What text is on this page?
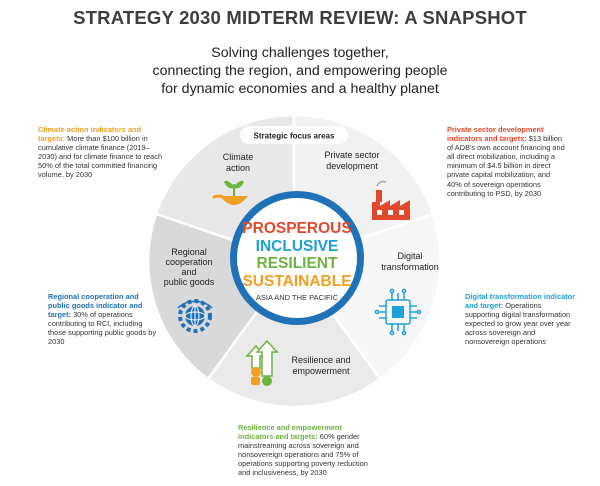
STRATEGY 2030 MIDTERM REVIEW: A SNAPSHOT
Solving challenges together,
connecting the region, and empowering people
for dynamic economies and a healthy planet
Strategic focus areas
Climate
action
Private sector
development
Digital
transformation
Resilience and
empowerment
Regional
cooperation
and
public goods
PROSPEROUS
INCLUSIVE
RESILIENT
SUSTAINABLE
ASIA AND THE PACIFIC
Climate action indicators and targets: More than $100 billion in cumulative climate finance (2019–2030) and for climate finance to reach 50% of the total committed financing volume, by 2030
Private sector development indicators and targets: $13 billion of ADB's own account financing and all direct mobilization, including a minimum of $4.5 billion in direct private capital mobilization, and 40% of sovereign operations contributing to PSD, by 2030
Regional cooperation and public goods indicator and target: 30% of operations contributing to RCI, including those supporting public goods by 2030
Digital transformation indicator and target: Operations supporting digital transformation expected to grow year over year across sovereign and nonsovereign operations
Resilience and empowerment indicators and targets: 60% gender mainstreaming across sovereign and nonsovereign operations and 75% of operations supporting poverty reduction and inclusiveness, by 2030
